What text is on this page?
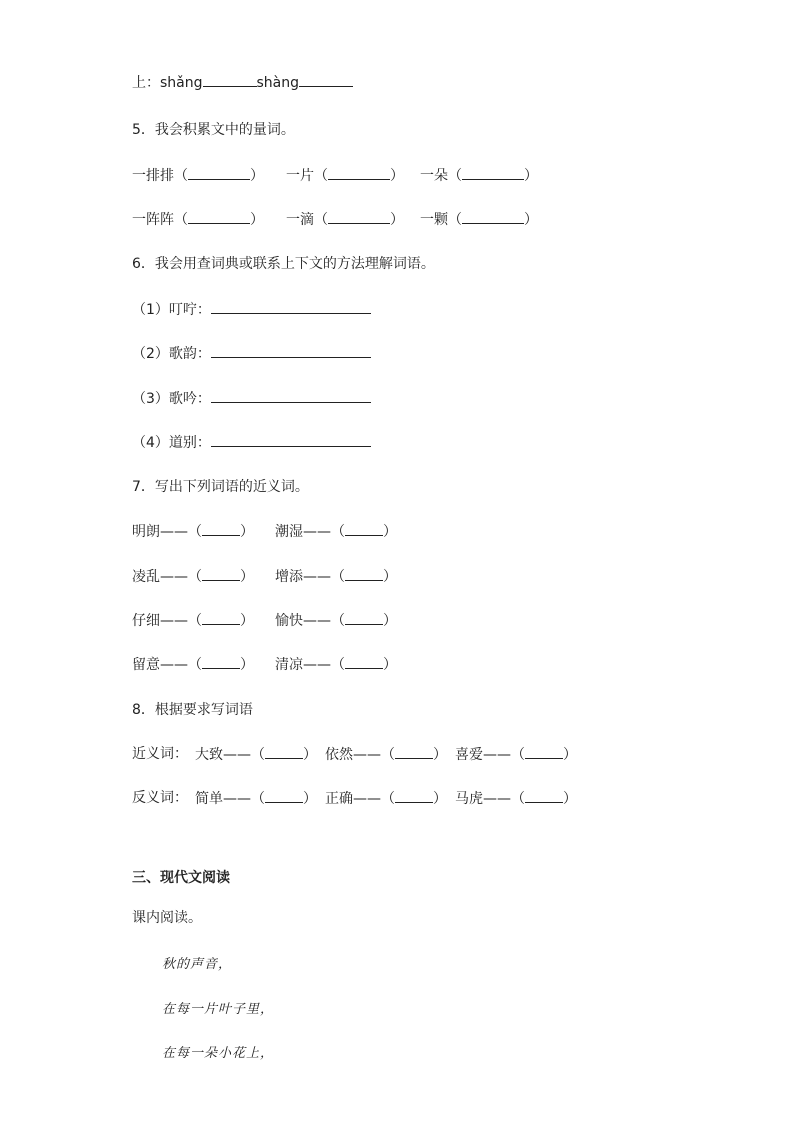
上：shǎng	shàng
5．我会积累文中的量词。
一排排（	） 一片（	） 一朵（	）
一阵阵（	） 一滴（	） 一颗（	）
6．我会用查词典或联系上下文的方法理解词语。
（1）叮咛：
（2）歌韵：
（3）歌吟：
（4）道别：
7．写出下列词语的近义词。
明朗——（	） 潮湿——（	）
凌乱——（	） 增添——（	）
仔细——（	） 愉快——（	）
留意——（	） 清凉——（	）
8．根据要求写词语
近义词： 大致——（	） 依然——（	） 喜爱——（	）
反义词： 简单——（	） 正确——（	） 马虎——（	）
三、现代文阅读
课内阅读。
秋的声音，
在每一片叶子里，
在每一朵小花上，
